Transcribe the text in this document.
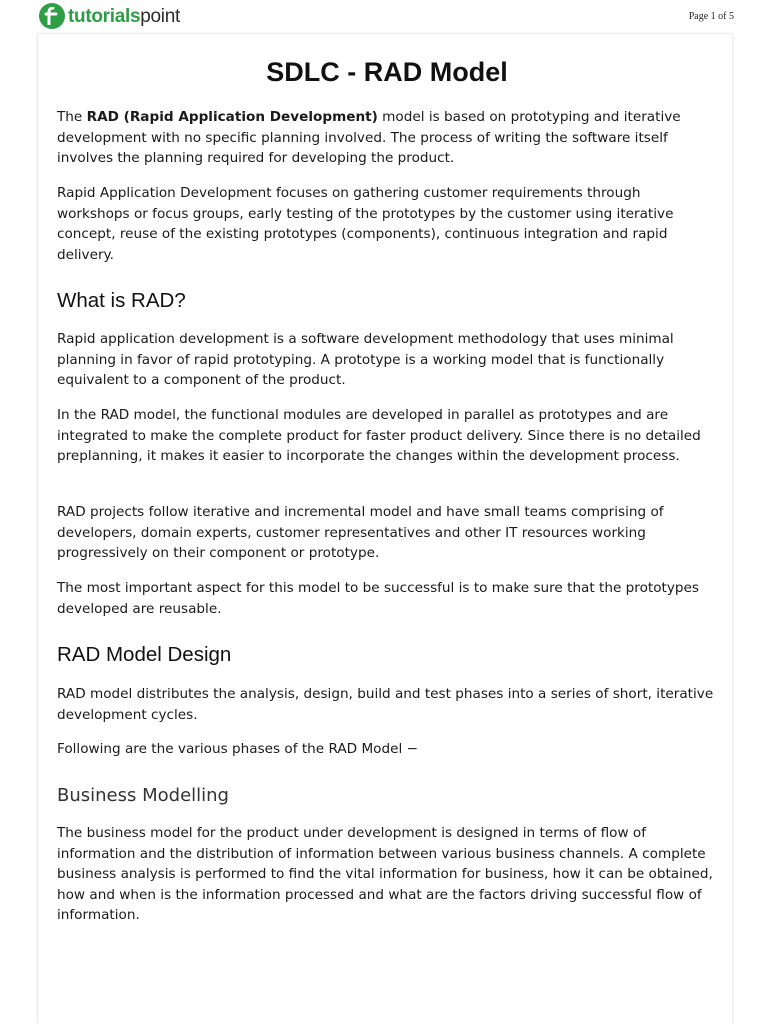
tutorialspoint	Page 1 of 5
SDLC - RAD Model

The RAD (Rapid Application Development) model is based on prototyping and iterative development with no specific planning involved. The process of writing the software itself involves the planning required for developing the product.

Rapid Application Development focuses on gathering customer requirements through workshops or focus groups, early testing of the prototypes by the customer using iterative concept, reuse of the existing prototypes (components), continuous integration and rapid delivery.

What is RAD?

Rapid application development is a software development methodology that uses minimal planning in favor of rapid prototyping. A prototype is a working model that is functionally equivalent to a component of the product.

In the RAD model, the functional modules are developed in parallel as prototypes and are integrated to make the complete product for faster product delivery. Since there is no detailed preplanning, it makes it easier to incorporate the changes within the development process.

RAD projects follow iterative and incremental model and have small teams comprising of developers, domain experts, customer representatives and other IT resources working progressively on their component or prototype.

The most important aspect for this model to be successful is to make sure that the prototypes developed are reusable.

RAD Model Design

RAD model distributes the analysis, design, build and test phases into a series of short, iterative development cycles.

Following are the various phases of the RAD Model −

Business Modelling

The business model for the product under development is designed in terms of flow of information and the distribution of information between various business channels. A complete business analysis is performed to find the vital information for business, how it can be obtained, how and when is the information processed and what are the factors driving successful flow of information.
